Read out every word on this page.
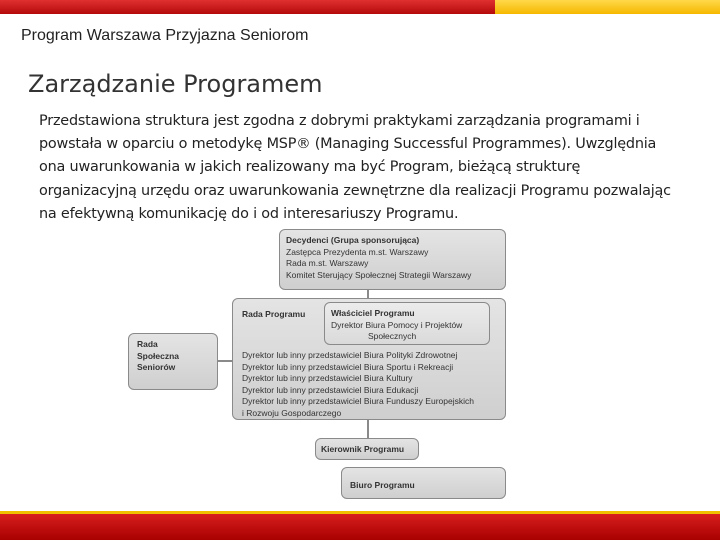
Program Warszawa Przyjazna Seniorom
Zarządzanie Programem
Przedstawiona struktura jest zgodna z dobrymi praktykami zarządzania programami i powstała w oparciu o metodykę MSP® (Managing Successful Programmes). Uwzględnia ona uwarunkowania w jakich realizowany ma być Program, bieżącą strukturę organizacyjną urzędu oraz uwarunkowania zewnętrzne dla realizacji Programu pozwalając na efektywną komunikację do i od interesariuszy Programu.
Decydenci (Grupa sponsorująca)
Zastępca Prezydenta m.st. Warszawy
Rada m.st. Warszawy
Komitet Sterujący Społecznej Strategii Warszawy
Rada Programu
Dyrektor lub inny przedstawiciel Biura Polityki Zdrowotnej
Dyrektor lub inny przedstawiciel Biura Sportu i Rekreacji
Dyrektor lub inny przedstawiciel Biura Kultury
Dyrektor lub inny przedstawiciel Biura Edukacji
Dyrektor lub inny przedstawiciel Biura Funduszy Europejskich
i Rozwoju Gospodarczego
Właściciel Programu
Dyrektor Biura Pomocy i Projektów
Społecznych
Rada
Społeczna
Seniorów
Kierownik Programu
Biuro Programu
